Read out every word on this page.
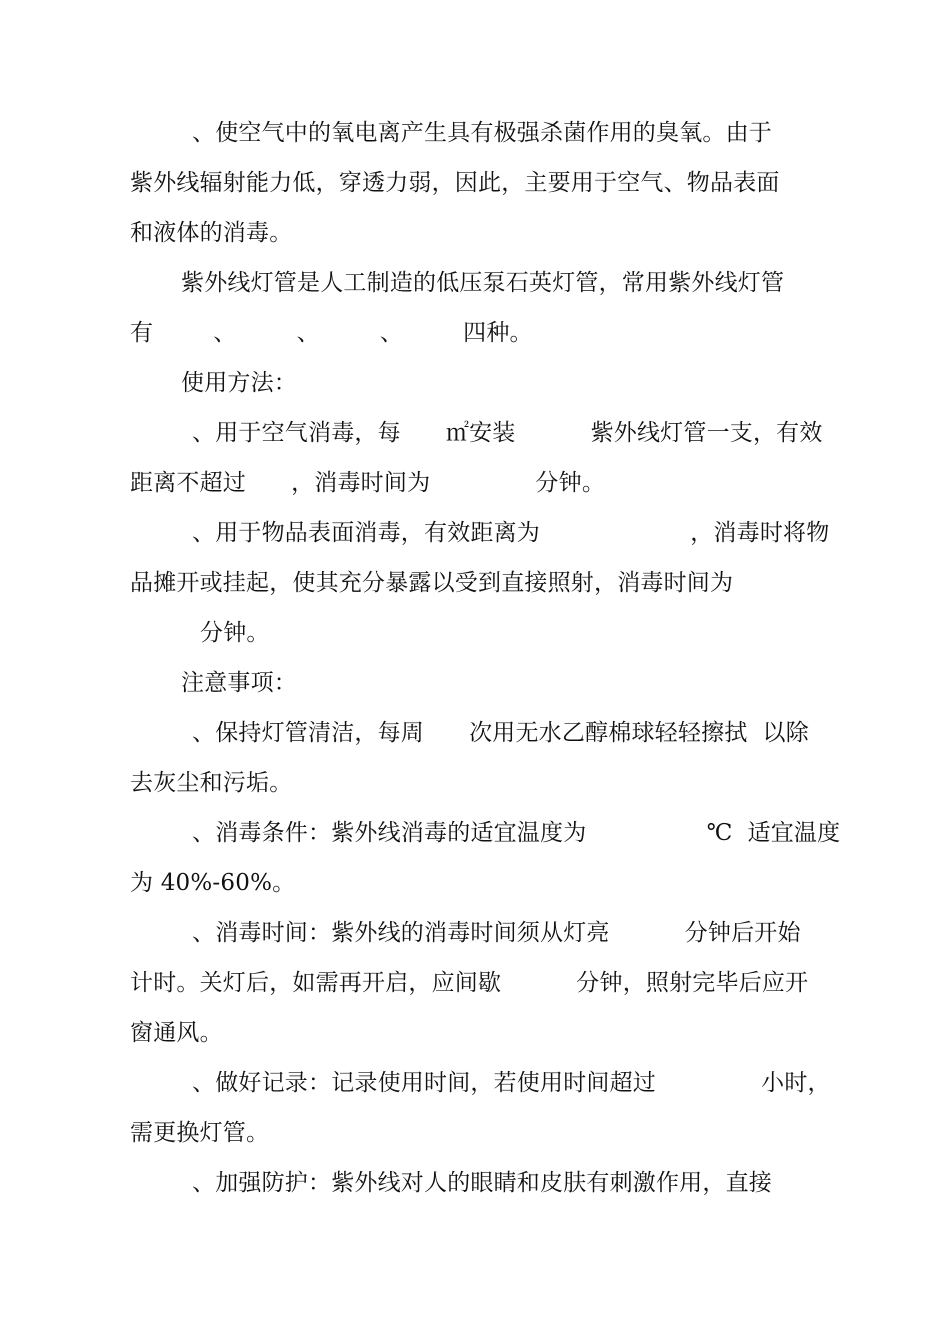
、使空气中的氧电离产生具有极强杀菌作用的臭氧。由于
紫外线辐射能力低，穿透力弱，因此，主要用于空气、物品表面
和液体的消毒。
紫外线灯管是人工制造的低压泵石英灯管，常用紫外线灯管
有        、        、        、        四种。
使用方法：
、用于空气消毒，每      ㎡安装          紫外线灯管一支，有效
距离不超过      ，消毒时间为              分钟。
、用于物品表面消毒，有效距离为                    ，消毒时将物
品摊开或挂起，使其充分暴露以受到直接照射，消毒时间为
分钟。
注意事项：
、保持灯管清洁，每周      次用无水乙醇棉球轻轻擦拭  以除
去灰尘和污垢。
、消毒条件：紫外线消毒的适宜温度为                ℃  适宜温度
为 40%-60%。
、消毒时间：紫外线的消毒时间须从灯亮          分钟后开始
计时。关灯后，如需再开启，应间歇          分钟，照射完毕后应开
窗通风。
、做好记录：记录使用时间，若使用时间超过              小时，
需更换灯管。
、加强防护：紫外线对人的眼睛和皮肤有刺激作用，直接
